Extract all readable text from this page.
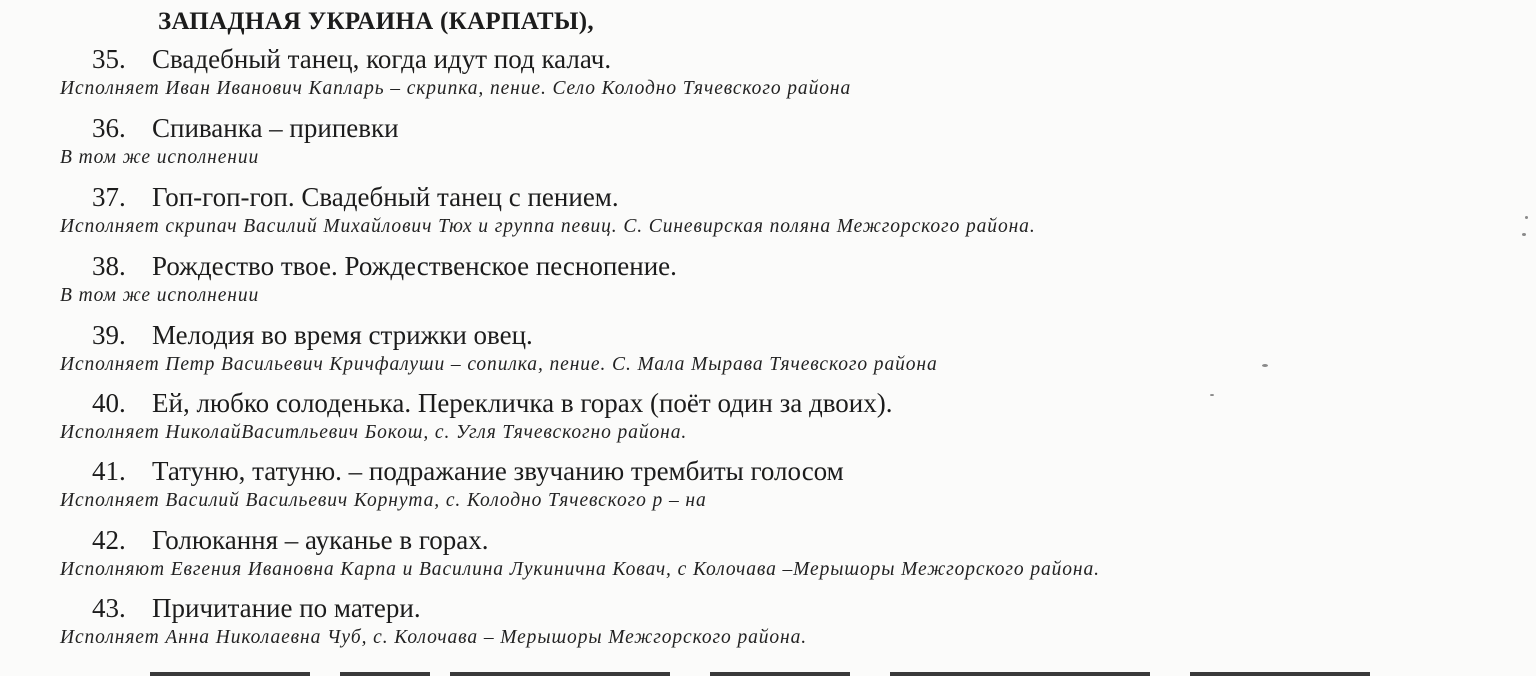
ЗАПАДНАЯ УКРАИНА (КАРПАТЫ),
35. Свадебный танец, когда идут под калач.
Исполняет Иван Иванович Капларь – скрипка, пение. Село Колодно Тячевского района
36. Спиванка – припевки
В том же исполнении
37. Гоп-гоп-гоп. Свадебный танец с пением.
Исполняет скрипач Василий Михайлович Тюх и группа певиц. С. Синевирская поляна Межгорского района.
38. Рождество твое. Рождественское песнопение.
В том же исполнении
39. Мелодия во время стрижки овец.
Исполняет Петр Васильевич Кричфалуши – сопилка, пение. С. Мала Мырава Тячевского района
40. Ей, любко солоденька. Перекличка в горах (поёт один за двоих).
Исполняет НиколайВаситльевич Бокош, с. Угля Тячевскогно района.
41. Татуню, татуню. – подражание звучанию трембиты голосом
Исполняет Василий Васильевич Корнута, с. Колодно Тячевского р – на
42. Голюкання – ауканье в горах.
Исполняют Евгения Ивановна Карпа и Василина Лукинична Ковач, с Колочава –Мерышоры Межгорского района.
43. Причитание по матери.
Исполняет Анна Николаевна Чуб, с. Колочава – Мерышоры Межгорского района.
